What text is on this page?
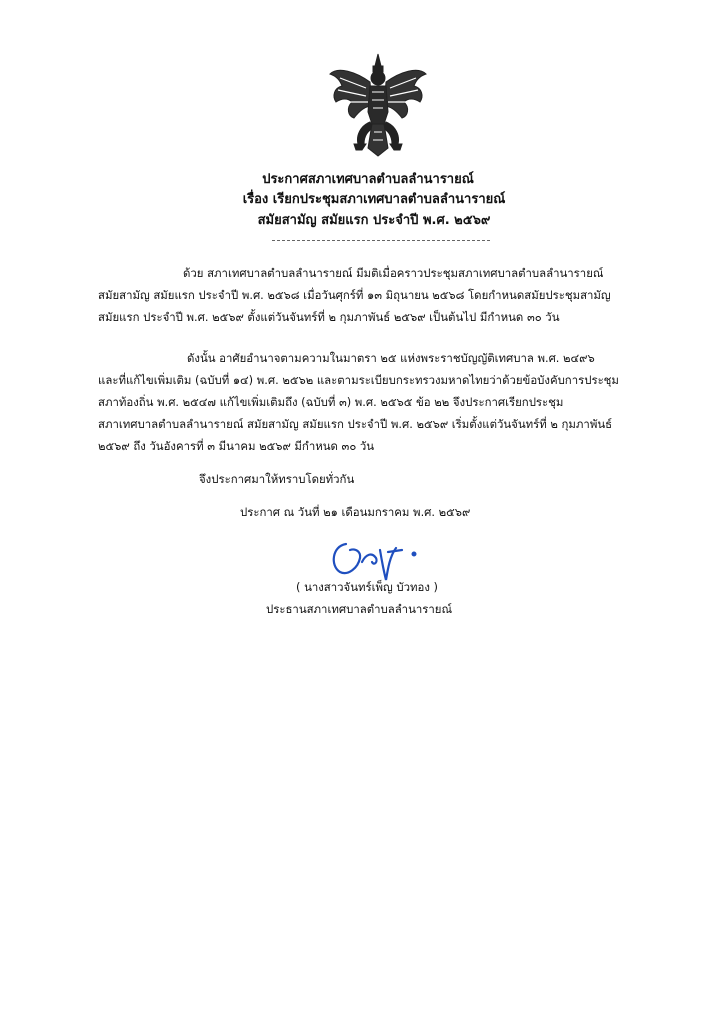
ประกาศสภาเทศบาลตำบลลำนารายณ์
เรื่อง เรียกประชุมสภาเทศบาลตำบลลำนารายณ์
สมัยสามัญ สมัยแรก ประจำปี พ.ศ. ๒๕๖๙
ด้วย สภาเทศบาลตำบลลำนารายณ์ มีมติเมื่อคราวประชุมสภาเทศบาลตำบลลำนารายณ์
สมัยสามัญ สมัยแรก ประจำปี พ.ศ. ๒๕๖๘ เมื่อวันศุกร์ที่ ๑๓ มิถุนายน ๒๕๖๘ โดยกำหนดสมัยประชุมสามัญ
สมัยแรก ประจำปี พ.ศ. ๒๕๖๙ ตั้งแต่วันจันทร์ที่ ๒ กุมภาพันธ์ ๒๕๖๙ เป็นต้นไป มีกำหนด ๓๐ วัน
ดังนั้น อาศัยอำนาจตามความในมาตรา ๒๕ แห่งพระราชบัญญัติเทศบาล พ.ศ. ๒๔๙๖
และที่แก้ไขเพิ่มเติม (ฉบับที่ ๑๔) พ.ศ. ๒๕๖๒ และตามระเบียบกระทรวงมหาดไทยว่าด้วยข้อบังคับการประชุม
สภาท้องถิ่น พ.ศ. ๒๕๔๗ แก้ไขเพิ่มเติมถึง (ฉบับที่ ๓) พ.ศ. ๒๕๖๕ ข้อ ๒๒ จึงประกาศเรียกประชุม
สภาเทศบาลตำบลลำนารายณ์ สมัยสามัญ สมัยแรก ประจำปี พ.ศ. ๒๕๖๙ เริ่มตั้งแต่วันจันทร์ที่ ๒ กุมภาพันธ์
๒๕๖๙ ถึง วันอังคารที่ ๓ มีนาคม ๒๕๖๙ มีกำหนด ๓๐ วัน
จึงประกาศมาให้ทราบโดยทั่วกัน
ประกาศ ณ วันที่ ๒๑ เดือนมกราคม พ.ศ. ๒๕๖๙
( นางสาวจันทร์เพ็ญ บัวทอง )
ประธานสภาเทศบาลตำบลลำนารายณ์
